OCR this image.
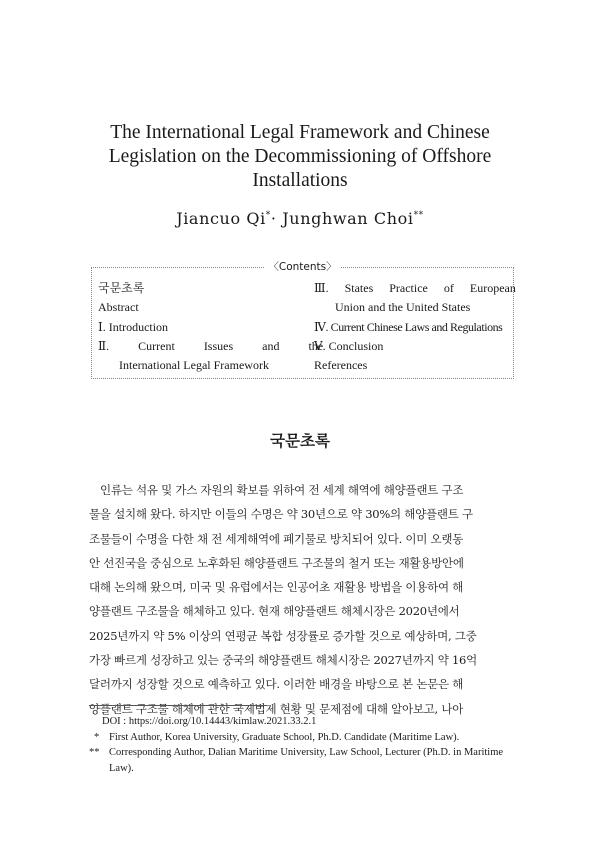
The International Legal Framework and Chinese
Legislation on the Decommissioning of Offshore
Installations
Jiancuo Qi*· Junghwan Choi**
〈Contents〉
국문초록
Abstract
Ⅰ. Introduction
Ⅱ. Current Issues and the
International Legal Framework
Ⅲ. States Practice of European
Union and the United States
Ⅳ. Current Chinese Laws and Regulations
Ⅴ. Conclusion
References
국문초록
인류는 석유 및 가스 자원의 확보를 위하여 전 세계 해역에 해양플랜트 구조
물을 설치해 왔다. 하지만 이들의 수명은 약 30년으로 약 30%의 해양플랜트 구
조물들이 수명을 다한 채 전 세계해역에 폐기물로 방치되어 있다. 이미 오랫동
안 선진국을 중심으로 노후화된 해양플랜트 구조물의 철거 또는 재활용방안에
대해 논의해 왔으며, 미국 및 유럽에서는 인공어초 재활용 방법을 이용하여 해
양플랜트 구조물을 해체하고 있다. 현재 해양플랜트 해체시장은 2020년에서
2025년까지 약 5% 이상의 연평균 복합 성장률로 증가할 것으로 예상하며, 그중
가장 빠르게 성장하고 있는 중국의 해양플랜트 해체시장은 2027년까지 약 16억
달러까지 성장할 것으로 예측하고 있다. 이러한 배경을 바탕으로 본 논문은 해
양플랜트 구조물 해체에 관한 국제법제 현황 및 문제점에 대해 알아보고, 나아
DOI : https://doi.org/10.14443/kimlaw.2021.33.2.1
* First Author, Korea University, Graduate School, Ph.D. Candidate (Maritime Law).
** Corresponding Author, Dalian Maritime University, Law School, Lecturer (Ph.D. in Maritime Law).
